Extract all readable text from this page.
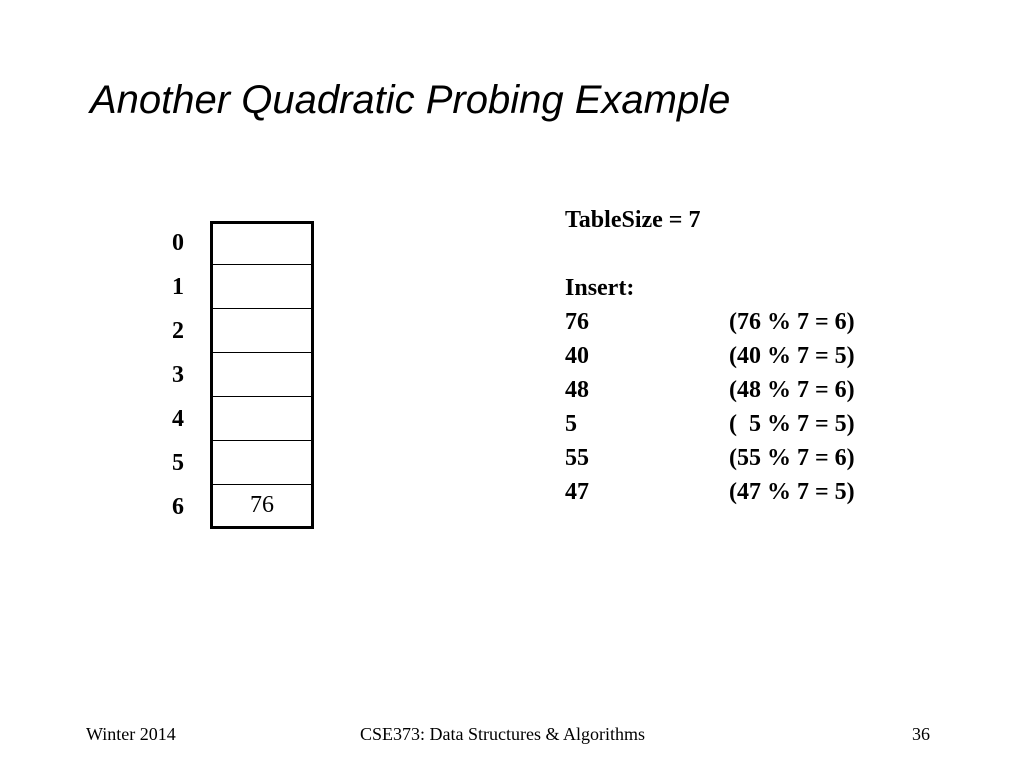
Another Quadratic Probing Example
0
1
2
3
4
5
6	76
TableSize = 7
Insert:
76	(76 % 7 = 6)
40	(40 % 7 = 5)
48	(48 % 7 = 6)
5	(  5 % 7 = 5)
55	(55 % 7 = 6)
47	(47 % 7 = 5)
Winter 2014	CSE373: Data Structures & Algorithms	36
